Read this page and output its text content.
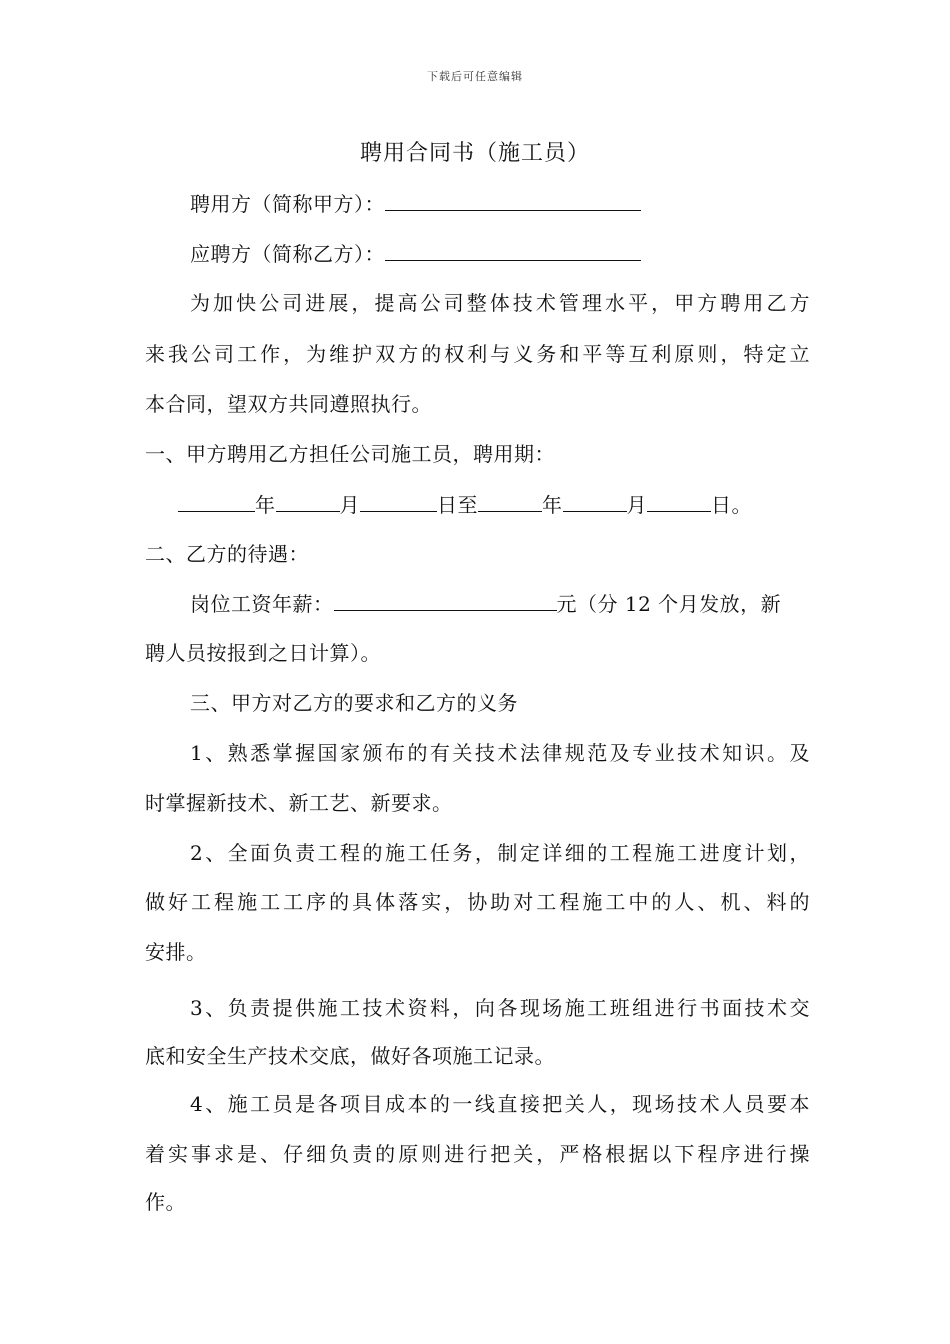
下载后可任意编辑
聘用合同书（施工员）
聘用方（简称甲方）：
应聘方（简称乙方）：
为加快公司进展，提高公司整体技术管理水平，甲方聘用乙方
来我公司工作，为维护双方的权利与义务和平等互利原则，特定立
本合同，望双方共同遵照执行。
一、甲方聘用乙方担任公司施工员，聘用期：
年	月	日至	年	月	日。
二、乙方的待遇：
岗位工资年薪：	元（分 12 个月发放，新
聘人员按报到之日计算）。
三、甲方对乙方的要求和乙方的义务
1、熟悉掌握国家颁布的有关技术法律规范及专业技术知识。及
时掌握新技术、新工艺、新要求。
2、全面负责工程的施工任务，制定详细的工程施工进度计划，
做好工程施工工序的具体落实，协助对工程施工中的人、机、料的
安排。
3、负责提供施工技术资料，向各现场施工班组进行书面技术交
底和安全生产技术交底，做好各项施工记录。
4、施工员是各项目成本的一线直接把关人，现场技术人员要本
着实事求是、仔细负责的原则进行把关，严格根据以下程序进行操
作。
